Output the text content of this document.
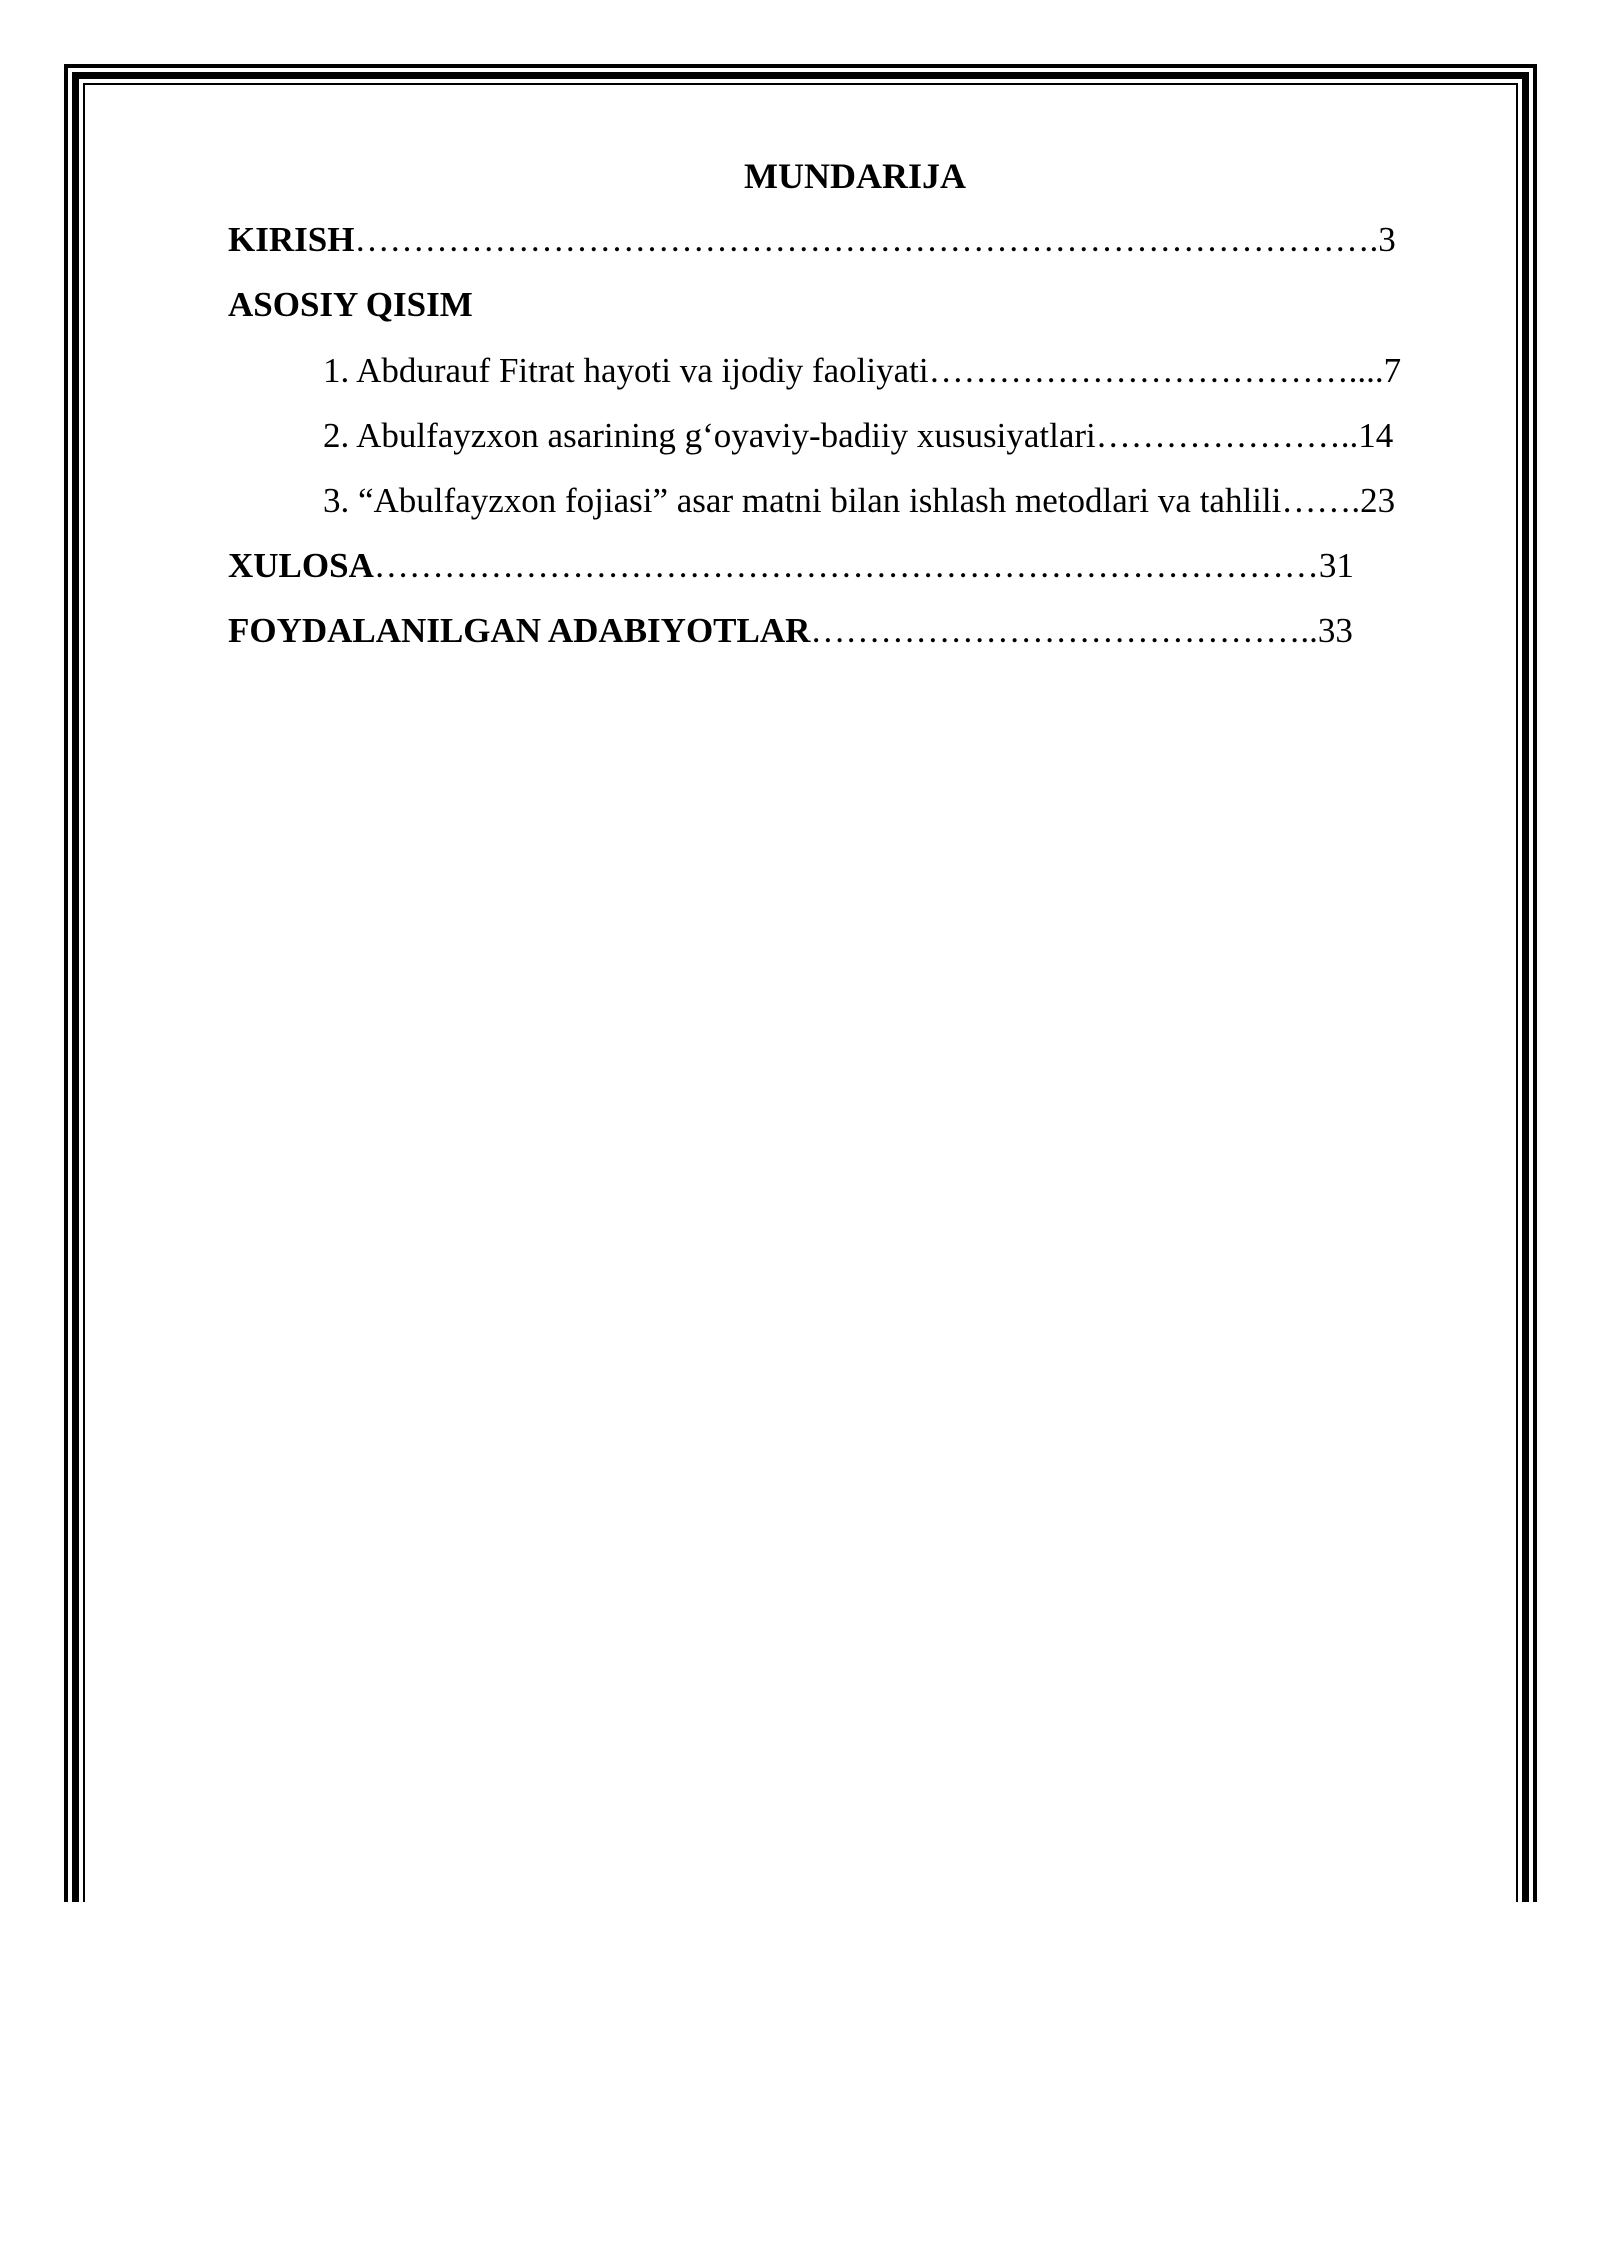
MUNDARIJA
KIRISH…………………………………………………………………………….3
ASOSIY QISIM
1. Abdurauf Fitrat hayoti va ijodiy faoliyati………………………………....7
2. Abulfayzxon asarining g‘oyaviy-badiiy xususiyatlari…………………..14
3. “Abulfayzxon fojiasi” asar matni bilan ishlash metodlari va tahlili…….23
XULOSA………………………………………………………………………31
FOYDALANILGAN ADABIYOTLAR……………………………………..33
